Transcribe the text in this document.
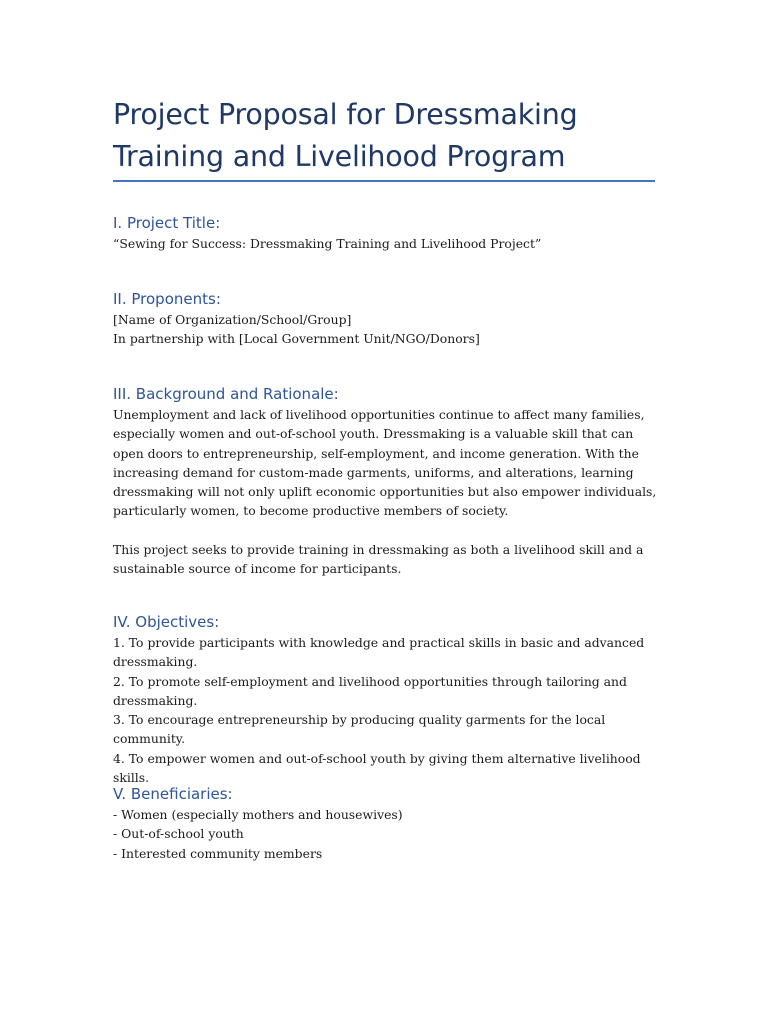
Project Proposal for Dressmaking Training and Livelihood Program
I. Project Title:

“Sewing for Success: Dressmaking Training and Livelihood Project”

II. Proponents:

[Name of Organization/School/Group]

In partnership with [Local Government Unit/NGO/Donors]

III. Background and Rationale:

Unemployment and lack of livelihood opportunities continue to affect many families, especially women and out-of-school youth. Dressmaking is a valuable skill that can open doors to entrepreneurship, self-employment, and income generation. With the increasing demand for custom-made garments, uniforms, and alterations, learning dressmaking will not only uplift economic opportunities but also empower individuals, particularly women, to become productive members of society.

This project seeks to provide training in dressmaking as both a livelihood skill and a sustainable source of income for participants.

IV. Objectives:
1. To provide participants with knowledge and practical skills in basic and advanced dressmaking.
2. To promote self-employment and livelihood opportunities through tailoring and dressmaking.
3. To encourage entrepreneurship by producing quality garments for the local community.
4. To empower women and out-of-school youth by giving them alternative livelihood skills.
V. Beneficiaries:
- Women (especially mothers and housewives)
- Out-of-school youth
- Interested community members
